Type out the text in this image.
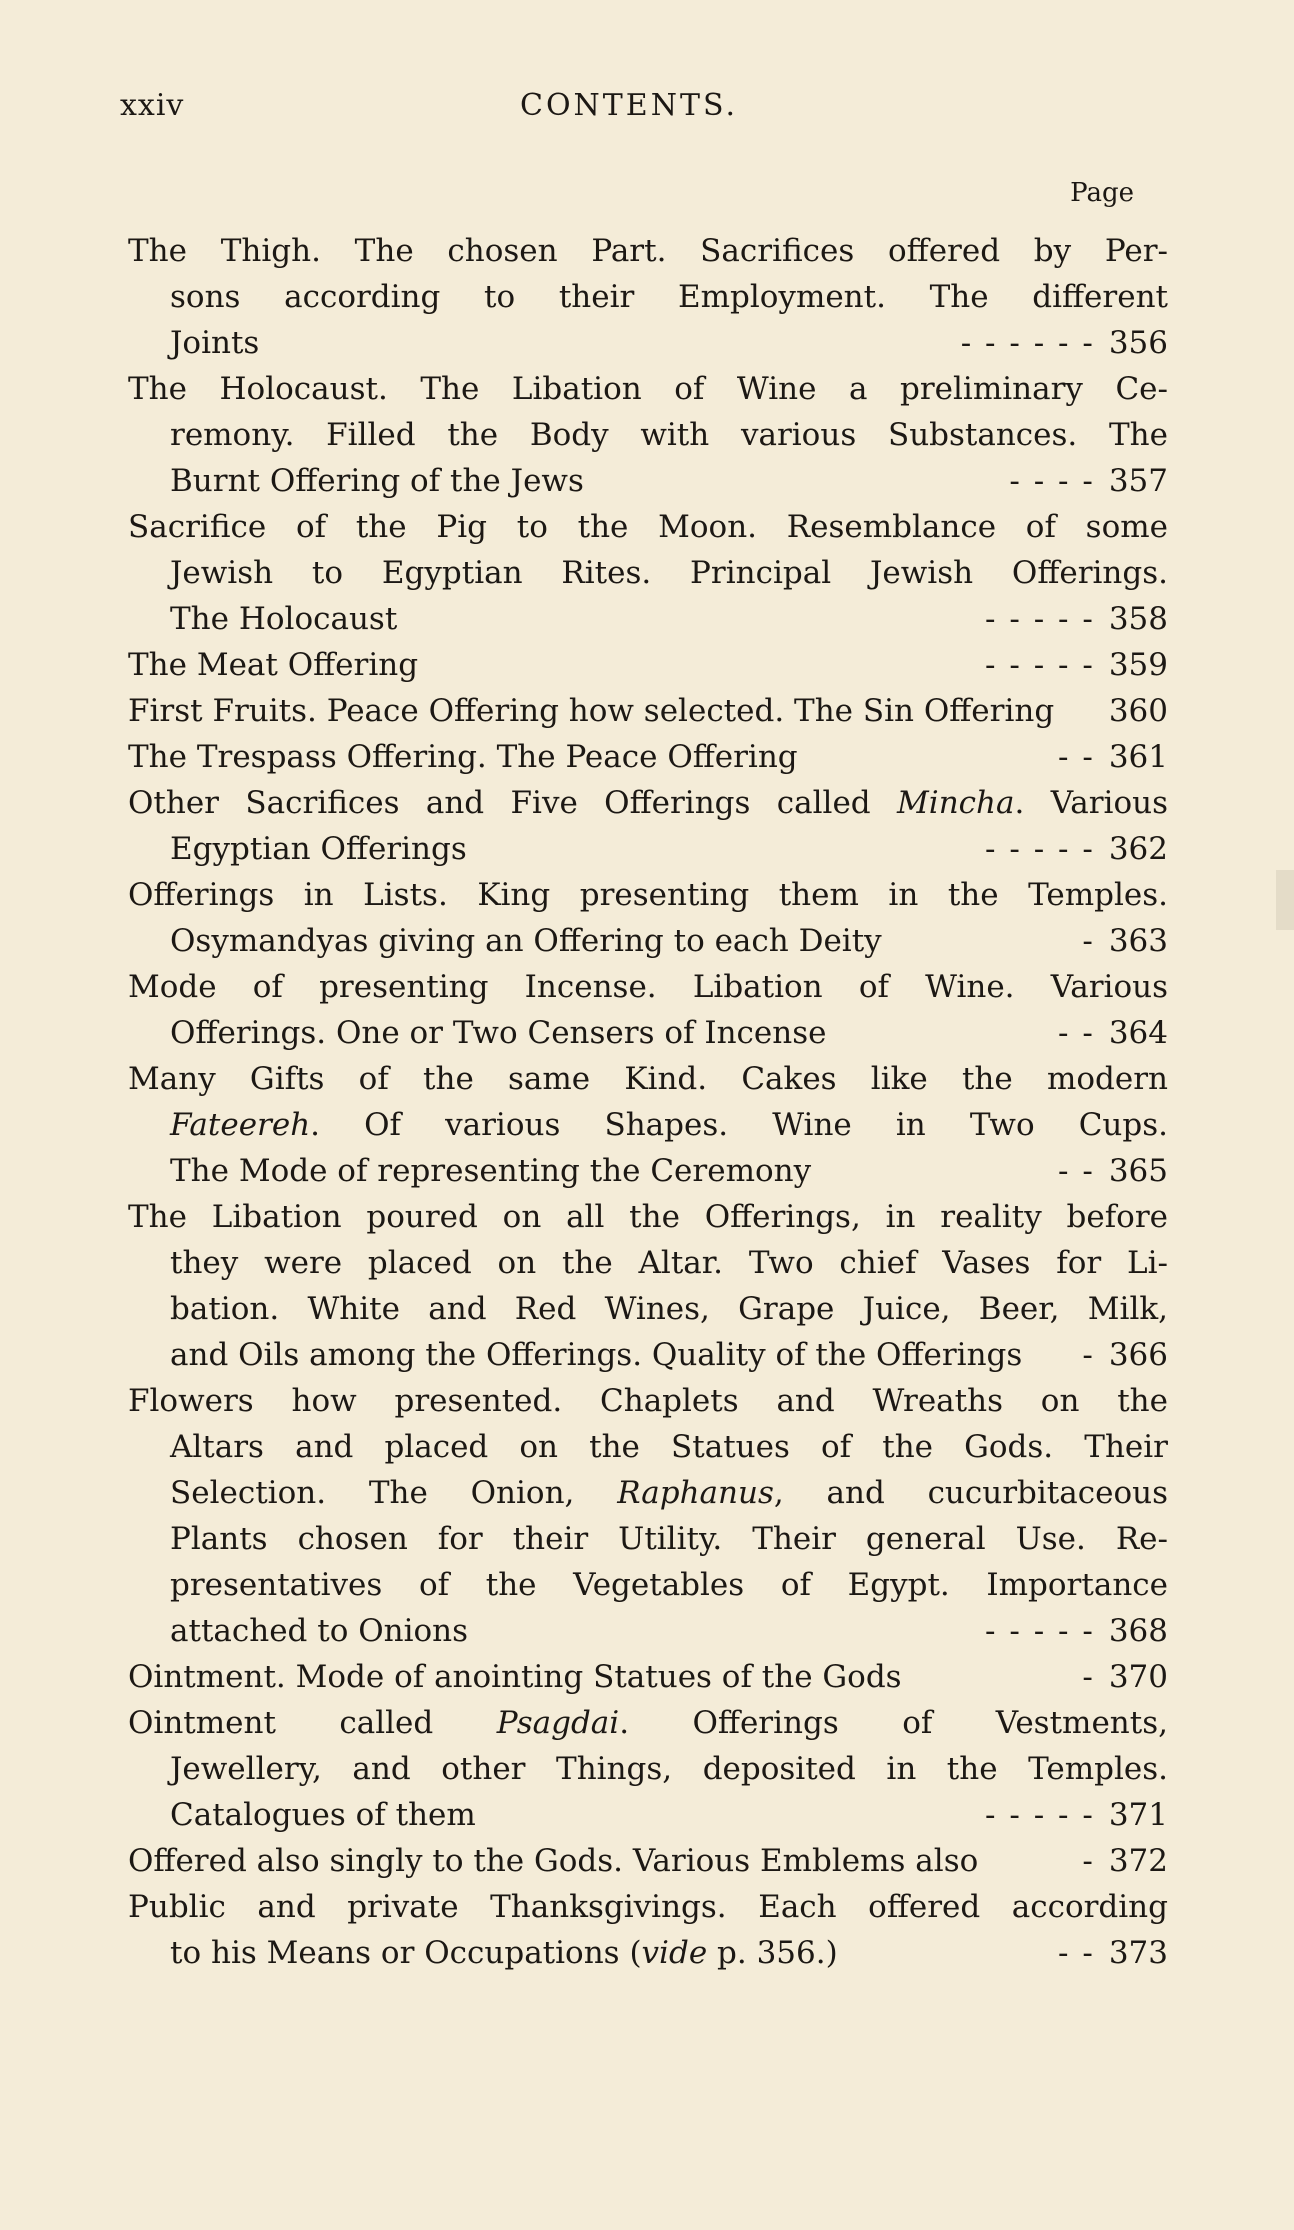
xxiv	CONTENTS.
Page
The Thigh. The chosen Part. Sacrifices offered by Per-
sons according to their Employment. The different
Joints	- - - - - - 356
The Holocaust. The Libation of Wine a preliminary Ce-
remony. Filled the Body with various Substances. The
Burnt Offering of the Jews	- - - - 357
Sacrifice of the Pig to the Moon. Resemblance of some
Jewish to Egyptian Rites. Principal Jewish Offerings.
The Holocaust	- - - - - 358
The Meat Offering	- - - - - 359
First Fruits. Peace Offering how selected. The Sin Offering 360
The Trespass Offering. The Peace Offering	- - 361
Other Sacrifices and Five Offerings called Mincha. Various
Egyptian Offerings	- - - - - 362
Offerings in Lists. King presenting them in the Temples.
Osymandyas giving an Offering to each Deity	- 363
Mode of presenting Incense. Libation of Wine. Various
Offerings. One or Two Censers of Incense	- - 364
Many Gifts of the same Kind. Cakes like the modern
Fateereh. Of various Shapes. Wine in Two Cups.
The Mode of representing the Ceremony	- - 365
The Libation poured on all the Offerings, in reality before
they were placed on the Altar. Two chief Vases for Li-
bation. White and Red Wines, Grape Juice, Beer, Milk,
and Oils among the Offerings. Quality of the Offerings	- 366
Flowers how presented. Chaplets and Wreaths on the
Altars and placed on the Statues of the Gods. Their
Selection. The Onion, Raphanus, and cucurbitaceous
Plants chosen for their Utility. Their general Use. Re-
presentatives of the Vegetables of Egypt. Importance
attached to Onions	- - - - - 368
Ointment. Mode of anointing Statues of the Gods	- 370
Ointment called Psagdai. Offerings of Vestments,
Jewellery, and other Things, deposited in the Temples.
Catalogues of them	- - - - - 371
Offered also singly to the Gods. Various Emblems also	- 372
Public and private Thanksgivings. Each offered according
to his Means or Occupations (vide p. 356.)	- - 373
